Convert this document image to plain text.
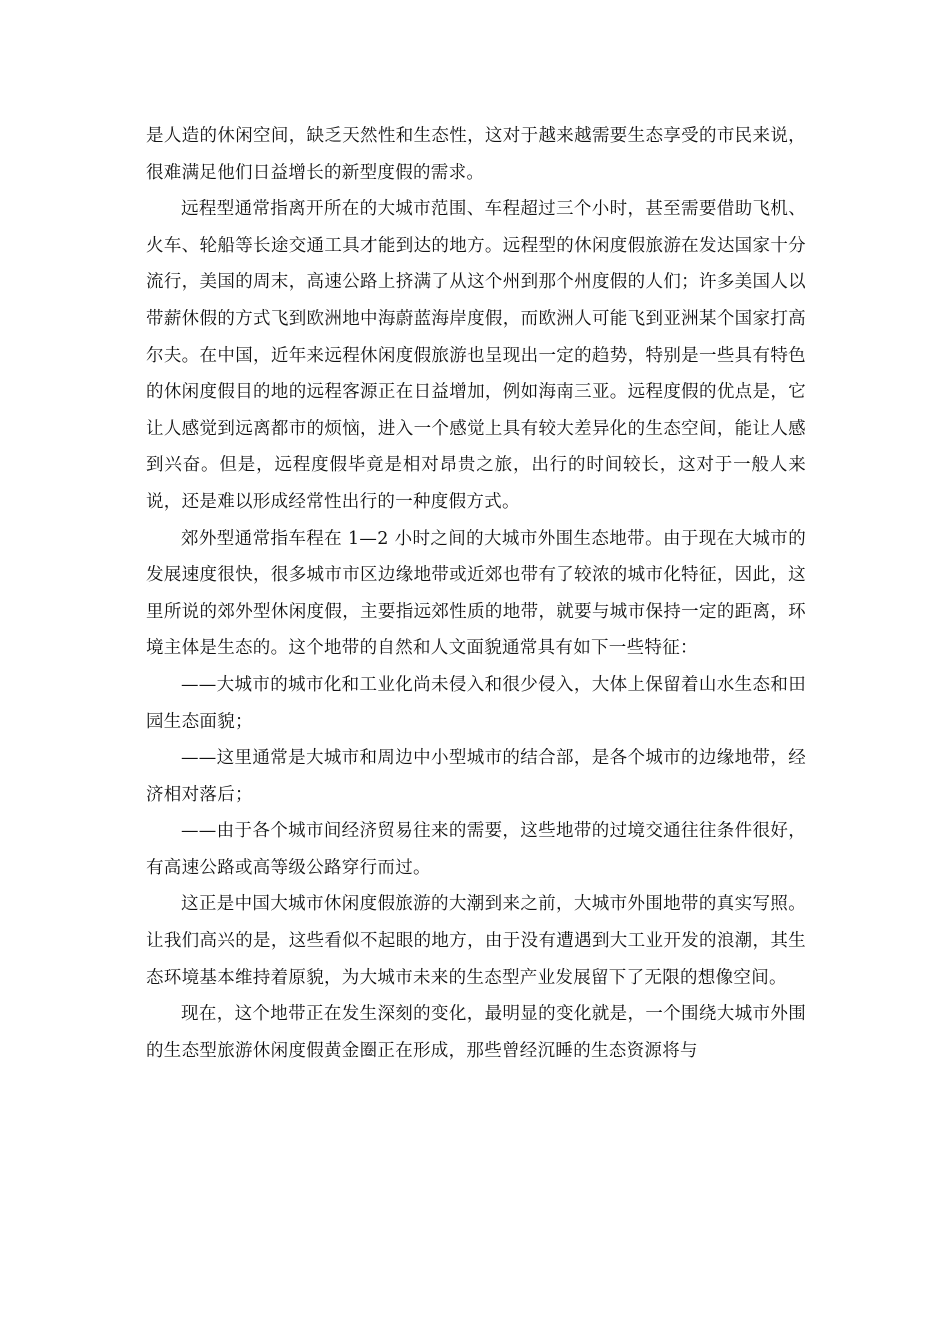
是人造的休闲空间，缺乏天然性和生态性，这对于越来越需要生态享受的市民来说，很难满足他们日益增长的新型度假的需求。

远程型通常指离开所在的大城市范围、车程超过三个小时，甚至需要借助飞机、火车、轮船等长途交通工具才能到达的地方。远程型的休闲度假旅游在发达国家十分流行，美国的周末，高速公路上挤满了从这个州到那个州度假的人们；许多美国人以带薪休假的方式飞到欧洲地中海蔚蓝海岸度假，而欧洲人可能飞到亚洲某个国家打高尔夫。在中国，近年来远程休闲度假旅游也呈现出一定的趋势，特别是一些具有特色的休闲度假目的地的远程客源正在日益增加，例如海南三亚。远程度假的优点是，它让人感觉到远离都市的烦恼，进入一个感觉上具有较大差异化的生态空间，能让人感到兴奋。但是，远程度假毕竟是相对昂贵之旅，出行的时间较长，这对于一般人来说，还是难以形成经常性出行的一种度假方式。

郊外型通常指车程在 1—2 小时之间的大城市外围生态地带。由于现在大城市的发展速度很快，很多城市市区边缘地带或近郊也带有了较浓的城市化特征，因此，这里所说的郊外型休闲度假，主要指远郊性质的地带，就要与城市保持一定的距离，环境主体是生态的。这个地带的自然和人文面貌通常具有如下一些特征：

——大城市的城市化和工业化尚未侵入和很少侵入，大体上保留着山水生态和田园生态面貌；

——这里通常是大城市和周边中小型城市的结合部，是各个城市的边缘地带，经济相对落后；

——由于各个城市间经济贸易往来的需要，这些地带的过境交通往往条件很好，有高速公路或高等级公路穿行而过。

这正是中国大城市休闲度假旅游的大潮到来之前，大城市外围地带的真实写照。让我们高兴的是，这些看似不起眼的地方，由于没有遭遇到大工业开发的浪潮，其生态环境基本维持着原貌，为大城市未来的生态型产业发展留下了无限的想像空间。

现在，这个地带正在发生深刻的变化，最明显的变化就是，一个围绕大城市外围的生态型旅游休闲度假黄金圈正在形成，那些曾经沉睡的生态资源将与
